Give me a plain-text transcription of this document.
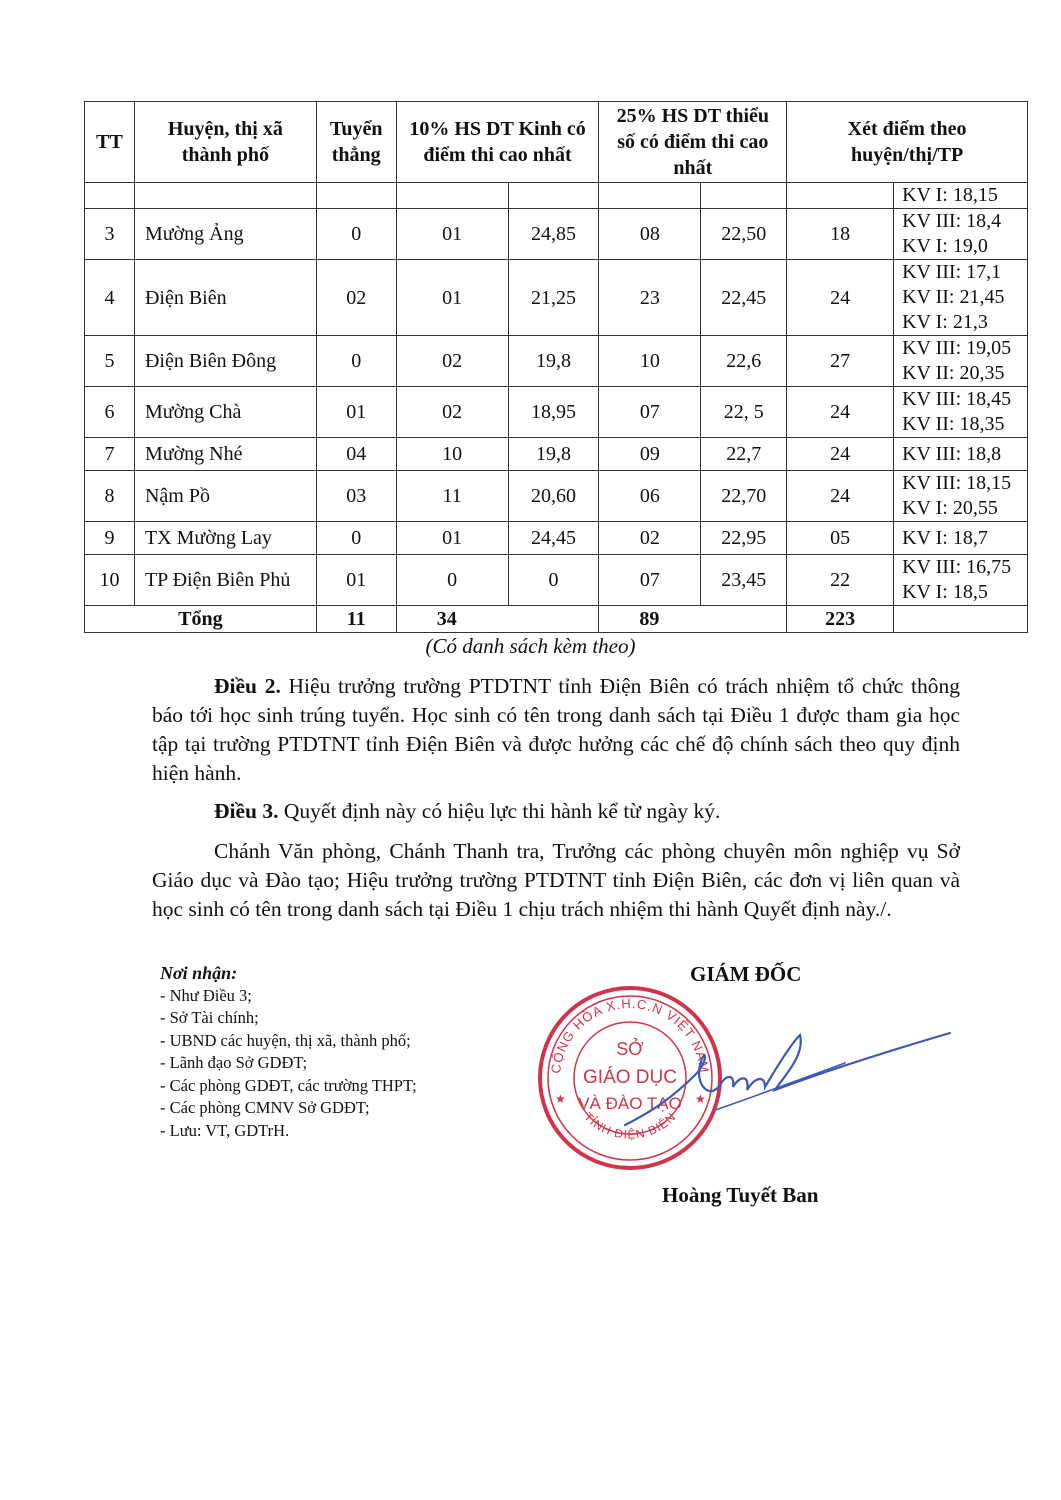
TT	Huyện, thị xã thành phố	Tuyển thẳng	10% HS DT Kinh có điểm thi cao nhất		25% HS DT thiểu số có điểm thi cao nhất		Xét điểm theo huyện/thị/TP	
								KV I: 18,15
3	Mường Ảng	0	01	24,85	08	22,50	18	KV III: 18,4
KV I: 19,0

4	Điện Biên	02	01	21,25	23	22,45	24	KV III: 17,1
KV II: 21,45
KV I: 21,3

5	Điện Biên Đông	0	02	19,8	10	22,6	27	KV III: 19,05
KV II: 20,35

6	Mường Chà	01	02	18,95	07	22, 5	24	KV III: 18,45
KV II: 18,35

7	Mường Nhé	04	10	19,8	09	22,7	24	KV III: 18,8

8	Nậm Pồ	03	11	20,60	06	22,70	24	KV III: 18,15
KV I: 20,55

9	TX Mường Lay	0	01	24,45	02	22,95	05	KV I: 18,7

10	TP Điện Biên Phủ	01	0	0	07	23,45	22	KV III: 16,75
KV I: 18,5

Tổng		11	34		89		223	
(Có danh sách kèm theo)

Điều 2. Hiệu trưởng trường PTDTNT tỉnh Điện Biên có trách nhiệm tổ chức thông báo tới học sinh trúng tuyển. Học sinh có tên trong danh sách tại Điều 1 được tham gia học tập tại trường PTDTNT tỉnh Điện Biên và được hưởng các chế độ chính sách theo quy định hiện hành.

Điều 3. Quyết định này có hiệu lực thi hành kể từ ngày ký.

Chánh Văn phòng, Chánh Thanh tra, Trưởng các phòng chuyên môn nghiệp vụ Sở Giáo dục và Đào tạo; Hiệu trưởng trường PTDTNT tỉnh Điện Biên, các đơn vị liên quan và học sinh có tên trong danh sách tại Điều 1 chịu trách nhiệm thi hành Quyết định này./.

Nơi nhận:
- Như Điều 3;
- Sở Tài chính;
- UBND các huyện, thị xã, thành phố;
- Lãnh đạo Sở GDĐT;
- Các phòng GDĐT, các trường THPT;
- Các phòng CMNV Sở GDĐT;
- Lưu: VT, GDTrH.
GIÁM ĐỐC
CỘNG HÒA X.H.C.N VIỆT NAM
TỈNH ĐIỆN BIÊN
★	★
SỞ
GIÁO DỤC
VÀ ĐÀO TẠO
Hoàng Tuyết Ban
